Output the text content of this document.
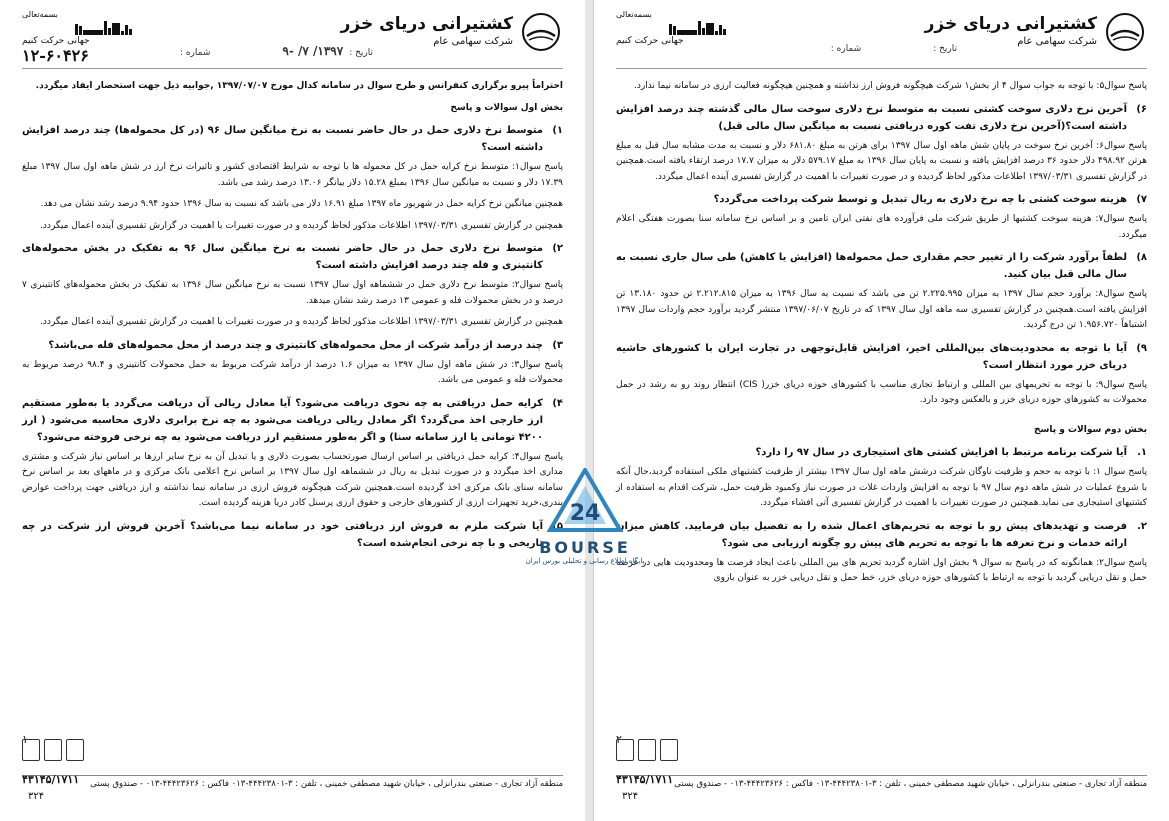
کشتیرانی دریای خزر
شرکت سهامی عام
تاریخ :
۱۳۹۷/ ۷/ -۹
شماره :
بسمه‌تعالی
جهانی حرکت کنیم
۱۲-۶۰۴۲۶
احتراماً پیرو برگزاری کنفرانس و طرح سوال در سامانه کدال مورخ ۱۳۹۷/۰۷/۰۷ ,جوابیه ذیل جهت استحضار ایفاد میگردد.
بخش اول سوالات و پاسخ
۱)
متوسط نرخ دلاری حمل در حال حاضر نسبت به نرخ میانگین سال ۹۶ (در کل محموله‌ها) چند درصد افزایش داشته است؟
پاسخ سوال۱: متوسط نرخ کرایه حمل در کل محموله ها با توجه به شرایط اقتصادی کشور و تاثیرات نرخ ارز در شش ماهه اول سال ۱۳۹۷ مبلغ ۱۷.۳۹ دلار و نسبت به میانگین سال ۱۳۹۶ بمبلغ ۱۵.۲۸ دلار بیانگر ۱۳.۰۶ درصد رشد می باشد.
همچنین میانگین نرخ کرایه حمل در شهریور ماه ۱۳۹۷ مبلغ ۱۶.۹۱ دلار می باشد که نسبت به سال ۱۳۹۶ حدود ۹.۹۴ درصد رشد نشان می دهد.
همچنین در گزارش تفسیری ۱۳۹۷/۰۳/۳۱ اطلاعات مذکور لحاظ گردیده و در صورت تغییرات با اهمیت در گزارش تفسیری آینده اعمال میگردد.
۲)
متوسط نرخ دلاری حمل در حال حاضر نسبت به نرخ میانگین سال ۹۶ به تفکیک در بخش محموله‌های کانتینری و فله چند درصد افزایش داشته است؟
پاسخ سوال۲: متوسط نرخ دلاری حمل در ششماهه اول سال ۱۳۹۷ نسبت به نرخ میانگین سال ۱۳۹۶ به تفکیک در بخش محموله‌های کانتینری ۷ درصد و در بخش محمولات فله و عمومی ۱۳ درصد رشد نشان میدهد.
همچنین در گزارش تفسیری ۱۳۹۷/۰۳/۳۱ اطلاعات مذکور لحاظ گردیده و در صورت تغییرات با اهمیت در گزارش تفسیری آینده اعمال میگردد.
۳)
چند درصد از درآمد شرکت از محل محموله‌های کانتینری و چند درصد از محل محموله‌های فله می‌باشد؟
پاسخ سوال۳: در شش ماهه اول سال ۱۳۹۷ به میزان ۱.۶ درصد از درآمد شرکت مربوط به حمل محمولات کانتینری و ۹۸.۴ درصد مربوط به محمولات فله و عمومی می باشد.
۴)
کرایه حمل دریافتی به چه نحوی دریافت می‌شود؟ آیا معادل ریالی آن دریافت می‌گردد یا به‌طور مستقیم ارز خارجی اخذ می‌گردد؟ اگر معادل ریالی دریافت می‌شود به چه نرخ برابری دلاری محاسبه می‌شود ( ارز ۴۲۰۰ تومانی یا ارز سامانه سنا) و اگر به‌طور مستقیم ارز دریافت می‌شود به چه نرخی فروخته می‌شود؟
پاسخ سوال۴: کرایه حمل دریافتی بر اساس ارسال صورتحساب بصورت دلاری و یا تبدیل آن به نرخ سایر ارزها بر اساس نیاز شرکت و مشتری مداری اخذ میگردد و در صورت تبدیل به ریال در ششماهه اول سال ۱۳۹۷ بر اساس نرخ اعلامی بانک مرکزی و در ماههای بعد بر اساس نرخ سامانه سنای بانک مرکزی اخذ گردیده است.همچنین شرکت هیچگونه فروش ارزی در سامانه نیما نداشته و ارز دریافتی جهت پرداخت عوارض بندری،خرید تجهیزات ارزی از کشورهای خارجی و حقوق ارزی پرسنل کادر دریا هزینه گردیده است.
۵)
آیا شرکت ملزم به فروش ارز دریافتی خود در سامانه نیما می‌باشد؟ آخرین فروش ارز شرکت در چه تاریخی و با چه نرخی انجام‌شده است؟
۱
منطقه آزاد تجاری - صنعتی بندرانزلی ، خیابان شهید مصطفی خمینی ، تلفن : ۳-۴۴۴۲۳۸۰۱-۰۱۳ فاکس : ۴۴۴۲۳۶۲۶-۰۱۳ - صندوق پستی
۴۳۱۴۵/۱۷۱۱
۳۲۴
کشتیرانی دریای خزر
شرکت سهامی عام
تاریخ :
شماره :
بسمه‌تعالی
جهانی حرکت کنیم
پاسخ سوال۵: با توجه به جواب سوال ۴ از بخش۱ شرکت هیچگونه فروش ارز نداشته و همچنین هیچگونه فعالیت ارزی در سامانه نیما ندارد.
۶)
آخرین نرخ دلاری سوخت کشتی نسبت به متوسط نرخ دلاری سوخت سال مالی گذشته چند درصد افزایش داشته است؟(آخرین نرخ دلاری تفت کوره دریافتی نسبت به میانگین سال مالی قبل)
پاسخ سوال۶: آخرین نرخ سوخت در پایان شش ماهه اول سال ۱۳۹۷ برای هرتن به مبلغ ۶۸۱.۸۰ دلار و نسبت به مدت مشابه سال قبل به مبلغ هرتن ۴۹۸.۹۲ دلار حدود ۳۶ درصد افزایش یافته و نسبت به پایان سال ۱۳۹۶ به مبلغ ۵۷۹.۱۷ دلار به میزان ۱۷.۷ درصد ارتقاء یافته است.همچنین در گزارش تفسیری ۱۳۹۷/۰۳/۳۱ اطلاعات مذکور لحاظ گردیده و در صورت تغییرات با اهمیت در گزارش تفسیری آینده اعمال میگردد.
۷)
هزینه سوخت کشتی با چه نرخ دلاری به ریال تبدیل و توسط شرکت پرداخت می‌گردد؟
پاسخ سوال۷: هزینه سوخت کشتیها از طریق شرکت ملی فرآورده های نفتی ایران تامین و بر اساس نرخ سامانه سنا بصورت هفتگی اعلام میگردد.
۸)
لطفاً برآورد شرکت را از تغییر حجم مقداری حمل محموله‌ها (افزایش یا کاهش) طی سال جاری نسبت به سال مالی قبل بیان کنید.
پاسخ سوال۸: برآورد حجم سال ۱۳۹۷ به میزان ۲.۲۲۵.۹۹۵ تن می باشد که نسبت به سال ۱۳۹۶ به میزان ۲.۲۱۲.۸۱۵ تن حدود ۱۳.۱۸۰ تن افزایش یافته است.همچنین در گزارش تفسیری سه ماهه اول سال ۱۳۹۷ که در تاریخ ۱۳۹۷/۰۶/۰۷ منتشر گردید برآورد حجم واردات سال ۱۳۹۷ اشتباهاً ۱.۹۵۶.۷۲۰ تن درج گردید.
۹)
آیا با توجه به محدودیت‌های بین‌المللی اخیر، افزایش قابل‌توجهی در تجارت ایران با کشورهای حاشیه دریای خزر مورد انتظار است؟
پاسخ سوال۹: با توجه به تحریمهای بین المللی و ارتباط تجاری مناسب با کشورهای حوزه دریای خزر( CIS) انتظار روند رو به رشد در حمل محمولات به کشورهای حوزه دریای خزر و بالعکس وجود دارد.
بخش دوم سوالات و پاسخ
۱.
آیا شرکت برنامه مرتبط با افزایش کشتی های استیجاری در سال ۹۷ را دارد؟
پاسخ سوال ۱: با توجه به حجم و ظرفیت ناوگان شرکت درشش ماهه اول سال ۱۳۹۷ بیشتر از ظرفیت کشتیهای ملکی استفاده گردید،حال آنکه با شروع عملیات در شش ماهه دوم سال ۹۷ با توجه به افزایش واردات غلات در صورت نیاز وکمبود ظرفیت حمل، شرکت اقدام به استفاده از کشتیهای استیجاری می نماید.همچنین در صورت تغییرات با اهمیت در گزارش تفسیری آتی افشاء میگردد.
۲.
فرصت و تهدیدهای پیش رو با توجه به تحریم‌های اعمال شده را به تفصیل بیان فرمایید. کاهش میزان ارائه خدمات و نرخ تعرفه ها با توجه به تحریم های پیش رو چگونه ارزیابی می شود؟
پاسخ سوال۲: همانگونه که در پاسخ به سوال ۹ بخش اول اشاره گردید تحریم های بین المللی باعث ایجاد فرصت ها ومحدودیت هایی در عرصه حمل و نقل دریایی گردید با توجه به ارتباط با کشورهای حوزه دریای خزر، خط حمل و نقل دریایی خزر به عنوان بازوی
۲
منطقه آزاد تجاری - صنعتی بندرانزلی ، خیابان شهید مصطفی خمینی ، تلفن : ۳-۴۴۴۲۳۸۰۱-۰۱۳ فاکس : ۴۴۴۲۳۶۲۶-۰۱۳ - صندوق پستی
۴۳۱۴۵/۱۷۱۱
۳۲۴
24
BOURSE
پایگاه اطلاع رسانی و تحلیلی بورس ایران
